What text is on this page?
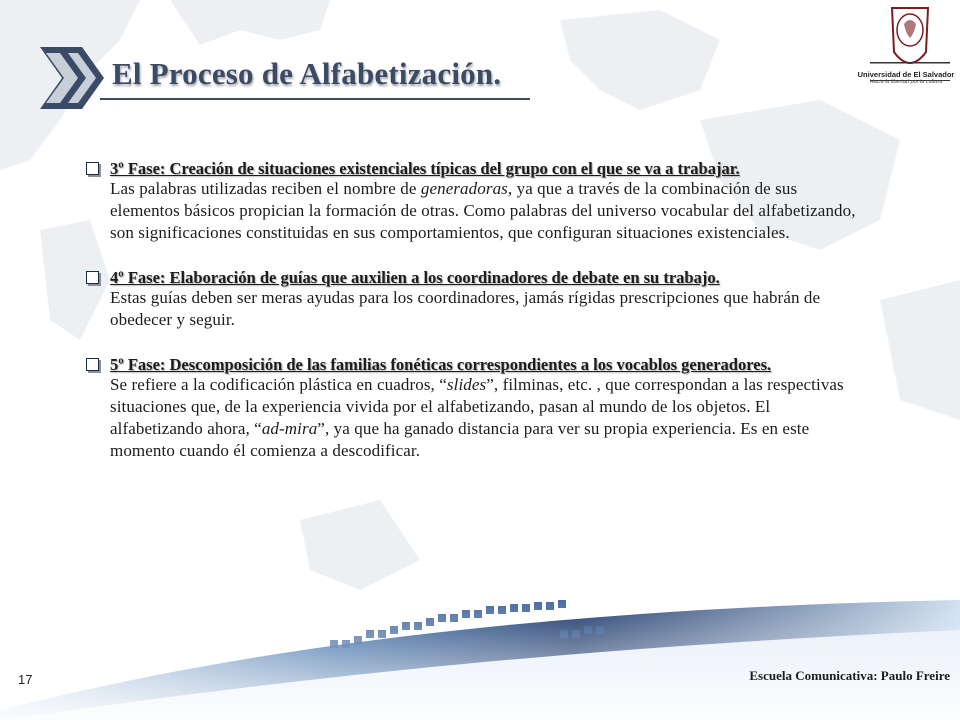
El Proceso de Alfabetización.	Universidad de El Salvador
Hacia la libertad por la cultura
3º Fase: Creación de situaciones existenciales típicas del grupo con el que se va a trabajar.
Las palabras utilizadas reciben el nombre de generadoras, ya que a través de la combinación de sus elementos básicos propician la formación de otras. Como palabras del universo vocabular del alfabetizando, son significaciones constituidas en sus comportamientos, que configuran situaciones existenciales.
4º Fase: Elaboración de guías que auxilien a los coordinadores de debate en su trabajo.
Estas guías deben ser meras ayudas para los coordinadores, jamás rígidas prescripciones que habrán de obedecer y seguir.
5º Fase: Descomposición de las familias fonéticas correspondientes a los vocablos generadores.
Se refiere a la codificación plástica en cuadros, “slides”, filminas, etc. , que correspondan a las respectivas situaciones que, de la experiencia vivida por el alfabetizando, pasan al mundo de los objetos. El alfabetizando ahora, “ad-mira”, ya que ha ganado distancia para ver su propia experiencia. Es en este momento cuando él comienza a descodificar.
17	Escuela Comunicativa: Paulo Freire
